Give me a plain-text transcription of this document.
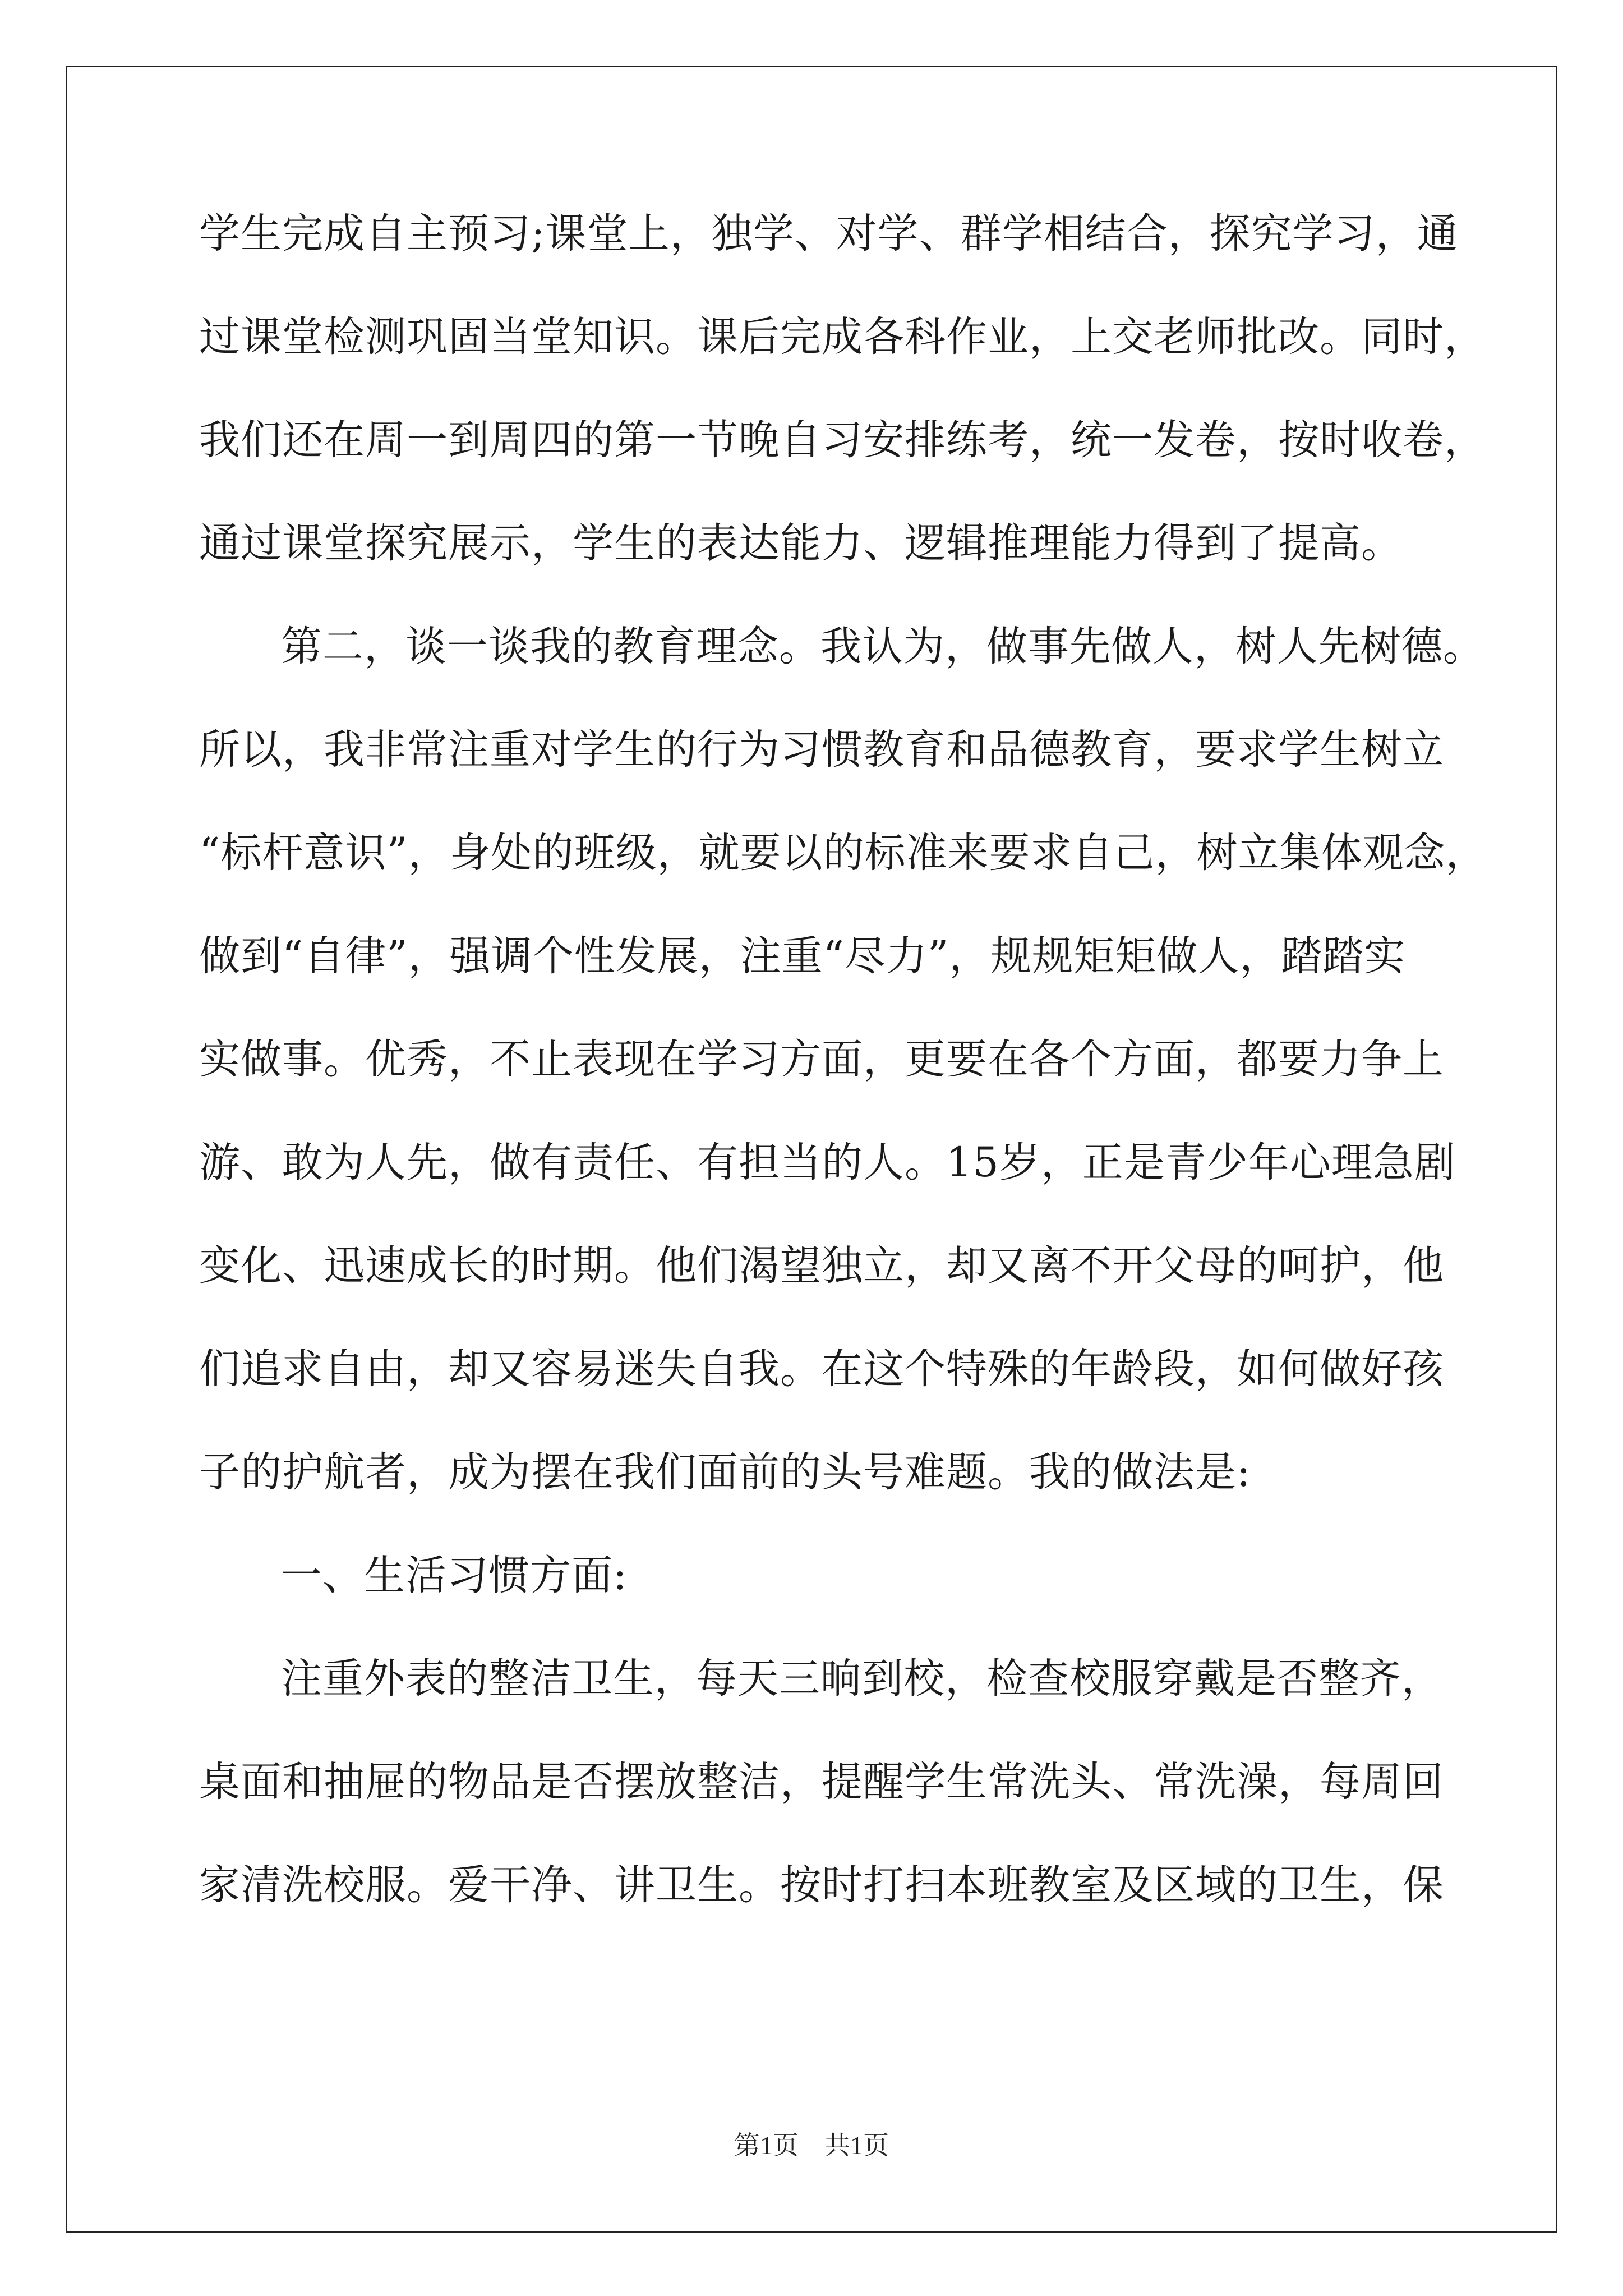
学生完成自主预习;课堂上，独学、对学、群学相结合，探究学习，通
过课堂检测巩固当堂知识。课后完成各科作业，上交老师批改。同时，
我们还在周一到周四的第一节晚自习安排练考，统一发卷，按时收卷，
通过课堂探究展示，学生的表达能力、逻辑推理能力得到了提高。
第二，谈一谈我的教育理念。我认为，做事先做人，树人先树德。
所以，我非常注重对学生的行为习惯教育和品德教育，要求学生树立
“标杆意识”，身处的班级，就要以的标准来要求自己，树立集体观念，
做到“自律”，强调个性发展，注重“尽力”，规规矩矩做人，踏踏实
实做事。优秀，不止表现在学习方面，更要在各个方面，都要力争上
游、敢为人先，做有责任、有担当的人。15岁，正是青少年心理急剧
变化、迅速成长的时期。他们渴望独立，却又离不开父母的呵护，他
们追求自由，却又容易迷失自我。在这个特殊的年龄段，如何做好孩
子的护航者，成为摆在我们面前的头号难题。我的做法是:
一、生活习惯方面:
注重外表的整洁卫生，每天三晌到校，检查校服穿戴是否整齐，
桌面和抽屉的物品是否摆放整洁，提醒学生常洗头、常洗澡，每周回
家清洗校服。爱干净、讲卫生。按时打扫本班教室及区域的卫生，保
第1页　共1页
